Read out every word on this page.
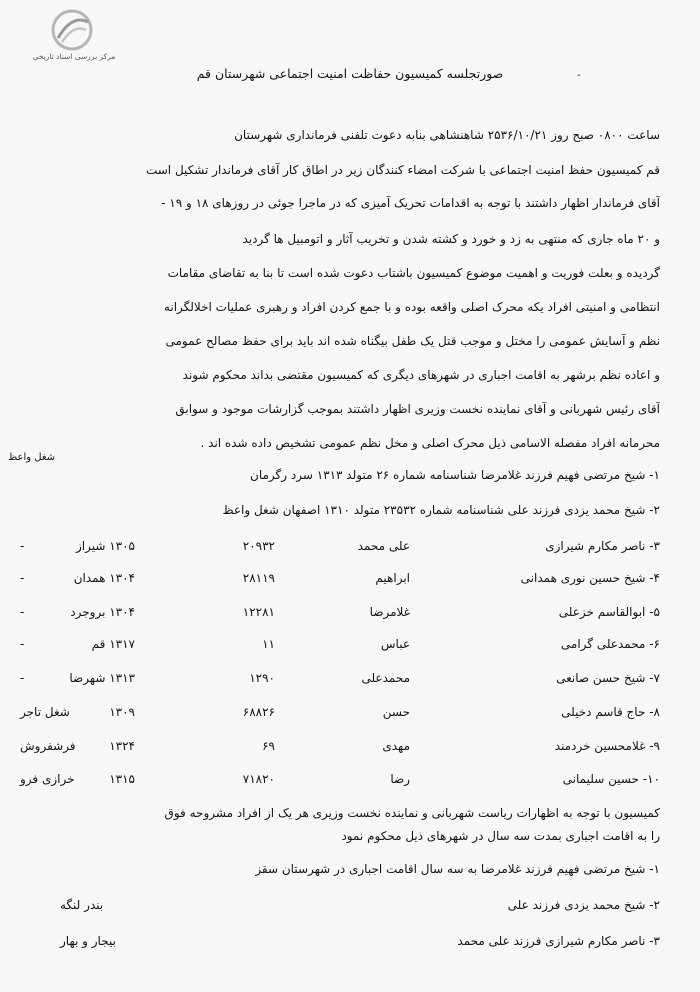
مرکز بررسی اسناد تاریخی
-
صورتجلسه کمیسیون حفاظت امنیت اجتماعی شهرستان قم
ساعت ۰۸۰۰ صبح روز ۲۵۳۶/۱۰/۲۱ شاهنشاهی بنابه دعوت تلفنی فرمانداری شهرستان
قم کمیسیون حفظ امنیت اجتماعی با شرکت امضاء کنندگان زیر در اطاق کار آقای فرماندار تشکیل است
آقای فرماندار اظهار داشتند با توجه به اقدامات تحریک آمیزی که در ماجرا جوئی در روزهای ۱۸ و ۱۹ -
و ۲۰ ماه جاری که منتهی به زد و خورد و کشته شدن و تخریب آثار و اتومبیل ها گردید
گردیده و بعلت فوریت و اهمیت موضوع کمیسیون باشتاب دعوت شده است تا بنا به تقاضای مقامات
انتظامی و امنیتی افراد یکه محرک اصلی واقعه بوده و با جمع کردن افراد و رهبری عملیات اخلالگرانه
نظم و آسایش عمومی را مختل و موجب قتل یک طفل بیگناه شده اند باید برای حفظ مصالح عمومی
و اعاده نظم برشهر به اقامت اجباری در شهرهای دیگری که کمیسیون مقتضی بداند محکوم شوند
آقای رئیس شهربانی و آقای نماینده نخست وزیری اظهار داشتند بموجب گزارشات موجود و سوابق
محرمانه افراد مفصله الاسامی ذیل محرک اصلی و مخل نظم عمومی تشخیص داده شده اند .
۱- شیخ مرتضی فهیم فرزند غلامرضا شناسنامه شماره ۲۶ متولد ۱۳۱۳ سرد رگرمان
شغل واعظ
۲- شیخ محمد یزدی فرزند علی شناسنامه شماره ۲۳۵۳۲ متولد ۱۳۱۰ اصفهان شغل واعظ
۳- ناصر مکارم شیرازی
علی محمد
۲۰۹۳۲
۱۳۰۵ شیراز
-
۴- شیخ حسین نوری همدانی
ابراهیم
۲۸۱۱۹
۱۳۰۴ همدان
-
۵- ابوالقاسم خزعلی
غلامرضا
۱۲۲۸۱
۱۳۰۴ بروجرد
-
۶- محمدعلی گرامی
عباس
۱۱
۱۳۱۷ قم
-
۷- شیخ حسن صانعی
محمدعلی
۱۲۹۰
۱۳۱۳ شهرضا
-
۸- حاج قاسم دخیلی
حسن
۶۸۸۲۶
۱۳۰۹
شغل تاجر
۹- غلامحسین خردمند
مهدی
۶۹
۱۳۲۴
فرشفروش
۱۰- حسین سلیمانی
رضا
۷۱۸۲۰
۱۳۱۵
خرازی فرو
کمیسیون با توجه به اظهارات ریاست شهربانی و نماینده نخست وزیری هر یک از افراد مشروحه فوق
را به اقامت اجباری بمدت سه سال در شهرهای ذیل محکوم نمود
۱- شیخ مرتضی فهیم فرزند غلامرضا به سه سال اقامت اجباری در شهرستان سقز
۲- شیخ محمد یزدی فرزند علی
بندر لنگه
۳- ناصر مکارم شیرازی فرزند علی محمد
بیجار و بهار
